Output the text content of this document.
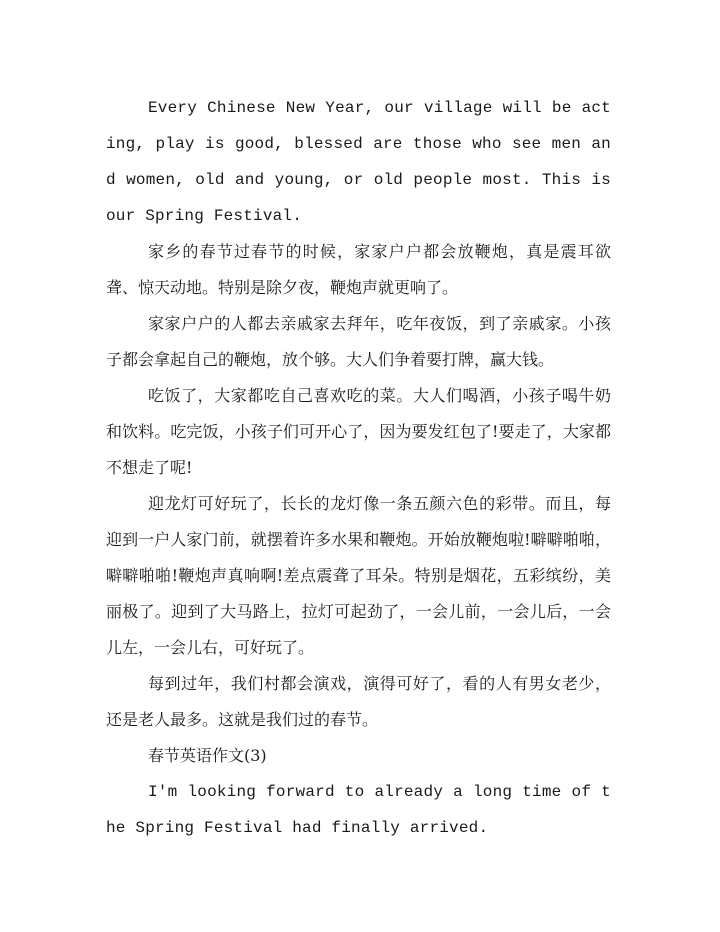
Every Chinese New Year, our village will be acting, play is good, blessed are those who see men and women, old and young, or old people most. This is our Spring Festival.

家乡的春节过春节的时候，家家户户都会放鞭炮，真是震耳欲聋、惊天动地。特别是除夕夜，鞭炮声就更响了。

家家户户的人都去亲戚家去拜年，吃年夜饭，到了亲戚家。小孩子都会拿起自己的鞭炮，放个够。大人们争着要打牌，赢大钱。

吃饭了，大家都吃自己喜欢吃的菜。大人们喝酒，小孩子喝牛奶和饮料。吃完饭，小孩子们可开心了，因为要发红包了!要走了，大家都不想走了呢!

迎龙灯可好玩了，长长的龙灯像一条五颜六色的彩带。而且，每迎到一户人家门前，就摆着许多水果和鞭炮。开始放鞭炮啦!噼噼啪啪，噼噼啪啪!鞭炮声真响啊!差点震聋了耳朵。特别是烟花，五彩缤纷，美丽极了。迎到了大马路上，拉灯可起劲了，一会儿前，一会儿后，一会儿左，一会儿右，可好玩了。

每到过年，我们村都会演戏，演得可好了，看的人有男女老少，还是老人最多。这就是我们过的春节。

春节英语作文(3)

I'm looking forward to already a long time of the Spring Festival had finally arrived.
